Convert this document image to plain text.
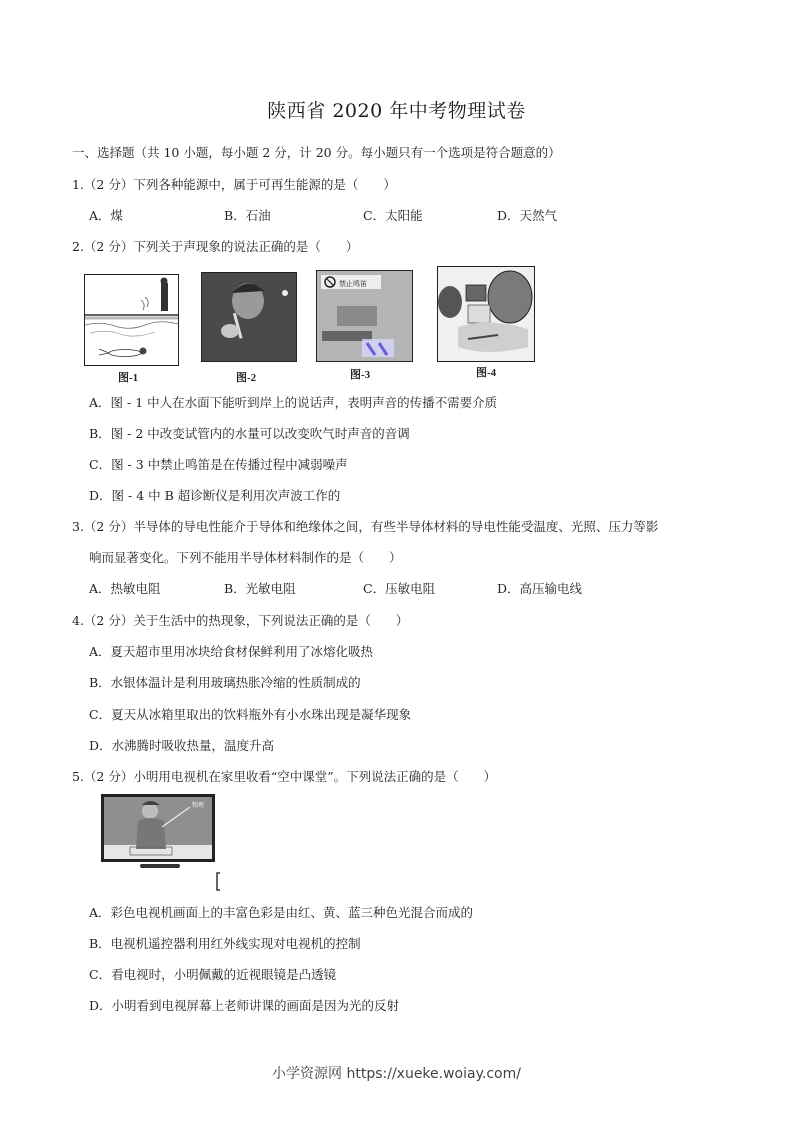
陕西省 2020 年中考物理试卷
一、选择题（共 10 小题，每小题 2 分，计 20 分。每小题只有一个选项是符合题意的）
1.（2 分）下列各种能源中，属于可再生能源的是（　　）
A．煤	B．石油	C．太阳能	D．天然气
2.（2 分）下列关于声现象的说法正确的是（　　）
图-1	图-2
禁止鸣笛
图-3	图-4
A．图 - 1 中人在水面下能听到岸上的说话声，表明声音的传播不需要介质
B．图 - 2 中改变试管内的水量可以改变吹气时声音的音调
C．图 - 3 中禁止鸣笛是在传播过程中减弱噪声
D．图 - 4 中 B 超诊断仪是利用次声波工作的
3.（2 分）半导体的导电性能介于导体和绝缘体之间，有些半导体材料的导电性能受温度、光照、压力等影
响而显著变化。下列不能用半导体材料制作的是（　　）
A．热敏电阻	B．光敏电阻	C．压敏电阻	D．高压输电线
4.（2 分）关于生活中的热现象，下列说法正确的是（　　）
A．夏天超市里用冰块给食材保鲜利用了冰熔化吸热
B．水银体温计是利用玻璃热胀冷缩的性质制成的
C．夏天从冰箱里取出的饮料瓶外有小水珠出现是凝华现象
D．水沸腾时吸收热量，温度升高
5.（2 分）小明用电视机在家里收看“空中课堂”。下列说法正确的是（　　）
物理
A．彩色电视机画面上的丰富色彩是由红、黄、蓝三种色光混合而成的
B．电视机遥控器利用红外线实现对电视机的控制
C．看电视时，小明佩戴的近视眼镜是凸透镜
D．小明看到电视屏幕上老师讲课的画面是因为光的反射
小学资源网 https://xueke.woiay.com/
